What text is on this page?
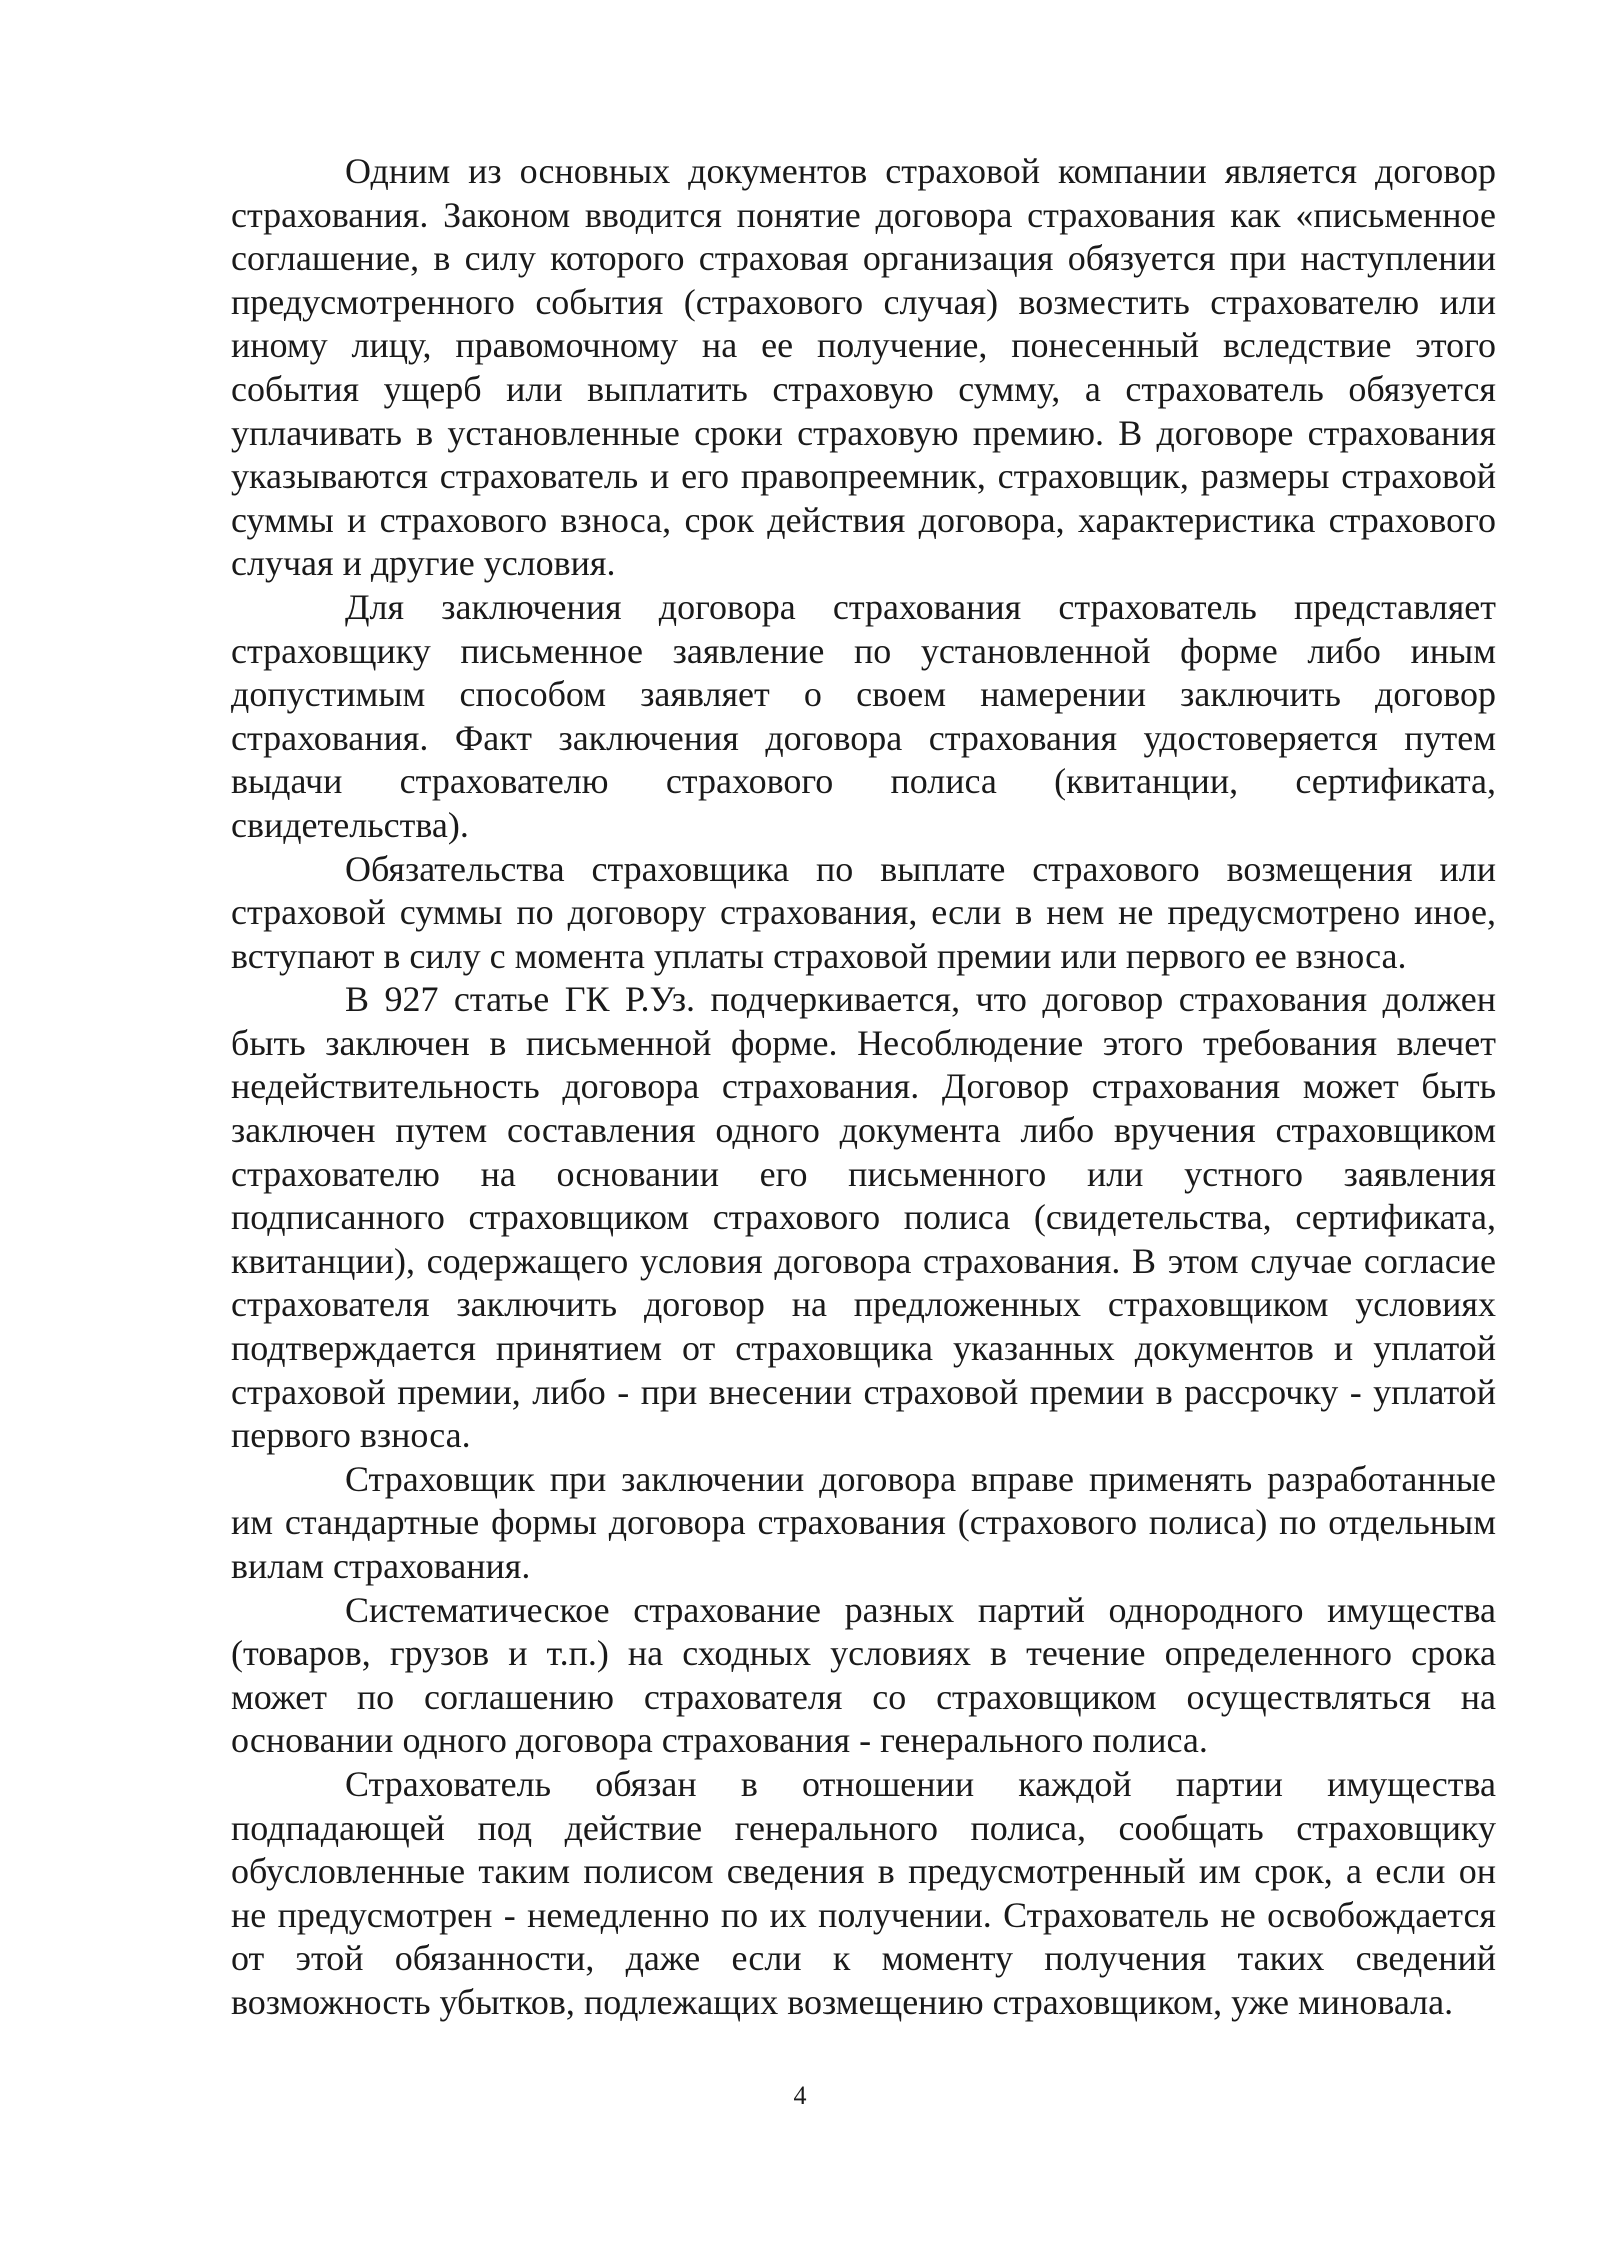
Одним из основных документов страховой компании является договор страхования. Законом вводится понятие договора страхования как «письменное соглашение, в силу которого страховая организация обязуется при наступлении предусмотренного события (страхового случая) возместить страхователю или иному лицу, правомочному на ее получение, понесенный вследствие этого события ущерб или выплатить страховую сумму, а страхователь обязуется уплачивать в установленные сроки страховую премию. В договоре страхования указываются страхователь и его правопреемник, страховщик, размеры страховой суммы и страхового взноса, срок действия договора, характеристика страхового случая и другие условия.

Для заключения договора страхования страхователь представляет страховщику письменное заявление по установленной форме либо иным допустимым способом заявляет о своем намерении заключить договор страхования. Факт заключения договора страхования удостоверяется путем выдачи страхователю страхового полиса (квитанции, сертификата, свидетельства).

Обязательства страховщика по выплате страхового возмещения или страховой суммы по договору страхования, если в нем не предусмотрено иное, вступают в силу с момента уплаты страховой премии или первого ее взноса.

В 927 статье ГК Р.Уз. подчеркивается, что договор страхования должен быть заключен в письменной форме. Несоблюдение этого требования влечет недействительность договора страхования. Договор страхования может быть заключен путем составления одного документа либо вручения страховщиком страхователю на основании его письменного или устного заявления подписанного страховщиком страхового полиса (свидетельства, сертификата, квитанции), содержащего условия договора страхования. В этом случае согласие страхователя заключить договор на предложенных страховщиком условиях подтверждается принятием от страховщика указанных документов и уплатой страховой премии, либо - при внесении страховой премии в рассрочку - уплатой первого взноса.

Страховщик при заключении договора вправе применять разработанные им стандартные формы договора страхования (страхового полиса) по отдельным вилам страхования.

Систематическое страхование разных партий однородного имущества (товаров, грузов и т.п.) на сходных условиях в течение определенного срока может по соглашению страхователя со страховщиком осуществляться на основании одного договора страхования - генерального полиса.

Страхователь обязан в отношении каждой партии имущества подпадающей под действие генерального полиса, сообщать страховщику обусловленные таким полисом сведения в предусмотренный им срок, а если он не предусмотрен - немедленно по их получении. Страхователь не освобождается от этой обязанности, даже если к моменту получения таких сведений возможность убытков, подлежащих возмещению страховщиком, уже миновала.

4
